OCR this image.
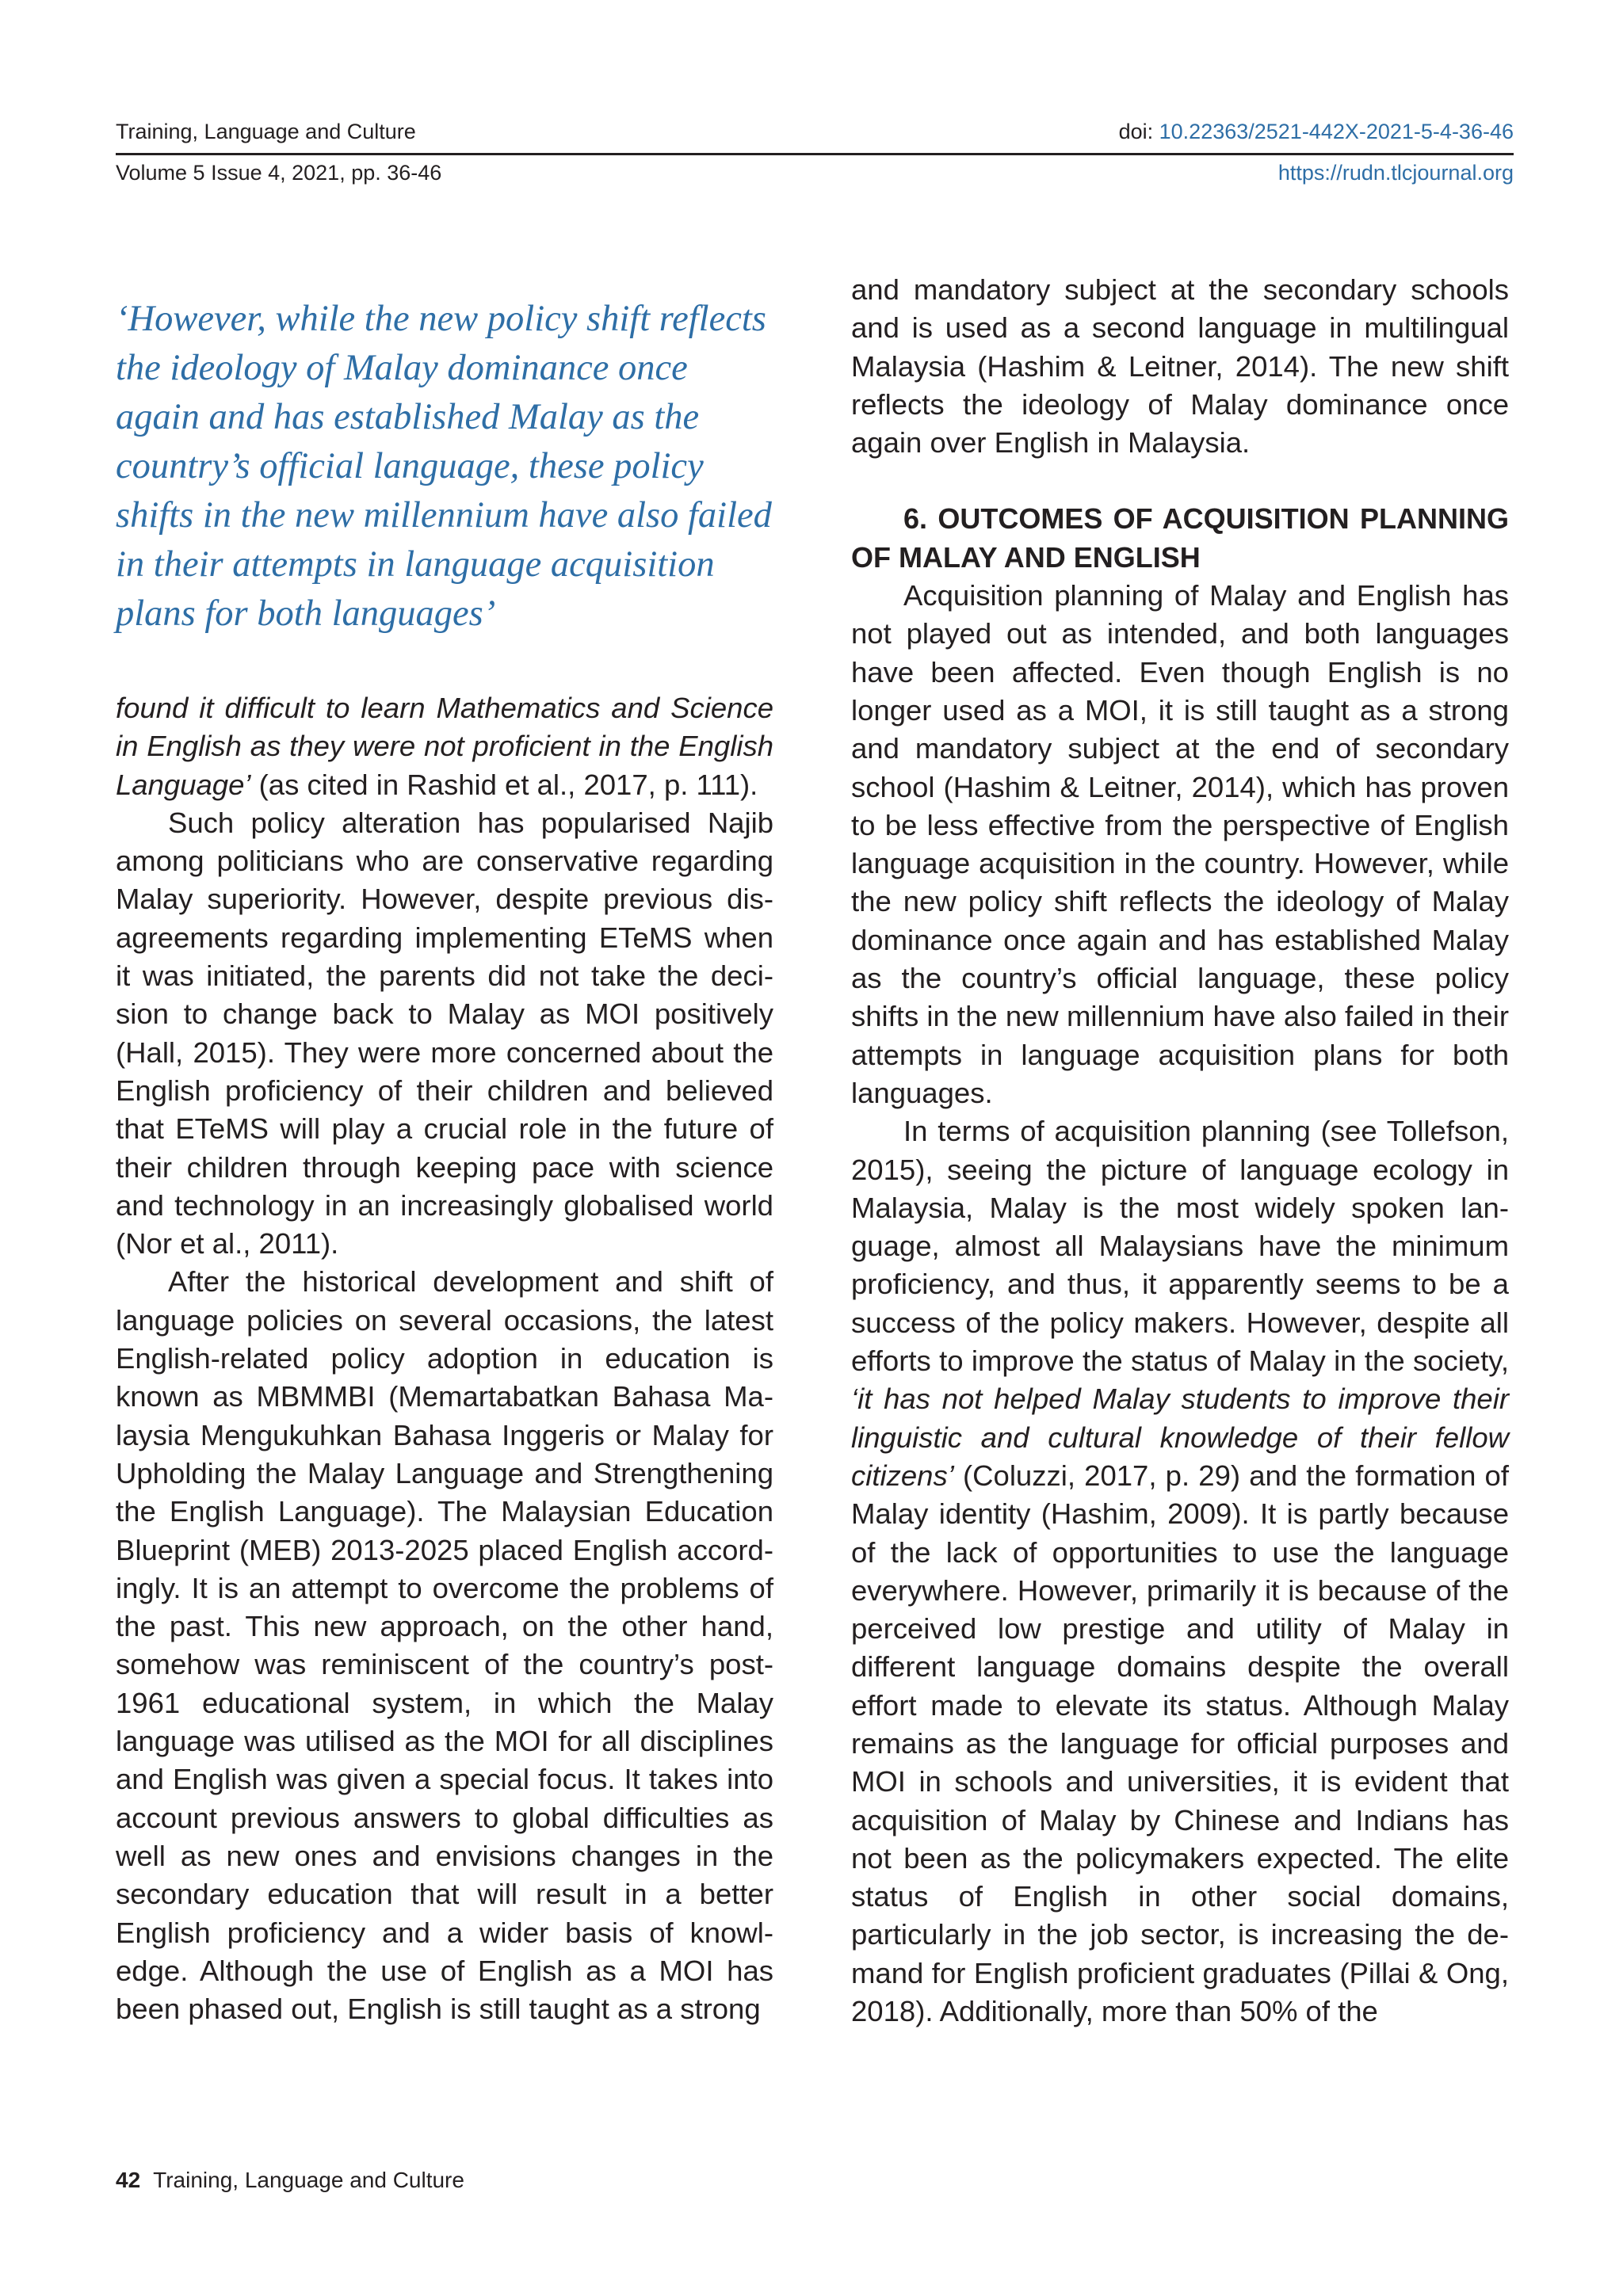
Training, Language and Culture	doi: 10.22363/2521-442X-2021-5-4-36-46
Volume 5 Issue 4, 2021, pp. 36-46	https://rudn.tlcjournal.org
‘However, while the new policy shift reflects the ideology of Malay dominance once again and has established Malay as the country’s official language, these policy shifts in the new millennium have also failed in their attempts in language acquisition plans for both languages’

found it difficult to learn Mathematics and Science in English as they were not proficient in the English Language’ (as cited in Rashid et al., 2017, p. 111).

Such policy alteration has popularised Najib among politicians who are conservative regarding Malay superiority. However, despite previous disagreements regarding implementing ETeMS when it was initiated, the parents did not take the decision to change back to Malay as MOI positively (Hall, 2015). They were more concerned about the English proficiency of their children and believed that ETeMS will play a crucial role in the future of their children through keeping pace with science and technology in an increasingly globalised world (Nor et al., 2011).

After the historical development and shift of language policies on several occasions, the latest English-related policy adoption in education is known as MBMMBI (Memartabatkan Bahasa Malaysia Mengukuhkan Bahasa Inggeris or Malay for Upholding the Malay Language and Strengthening the English Language). The Malaysian Education Blueprint (MEB) 2013-2025 placed English accordingly. It is an attempt to overcome the problems of the past. This new approach, on the other hand, somehow was reminiscent of the country’s post-1961 educational system, in which the Malay language was utilised as the MOI for all disciplines and English was given a special focus. It takes into account previous answers to global difficulties as well as new ones and envisions changes in the secondary education that will result in a better English proficiency and a wider basis of knowledge. Although the use of English as a MOI has been phased out, English is still taught as a strong

and mandatory subject at the secondary schools and is used as a second language in multilingual Malaysia (Hashim & Leitner, 2014). The new shift reflects the ideology of Malay dominance once again over English in Malaysia.

6. OUTCOMES OF ACQUISITION PLANNING OF MALAY AND ENGLISH

Acquisition planning of Malay and English has not played out as intended, and both languages have been affected. Even though English is no longer used as a MOI, it is still taught as a strong and mandatory subject at the end of secondary school (Hashim & Leitner, 2014), which has proven to be less effective from the perspective of English language acquisition in the country. However, while the new policy shift reflects the ideology of Malay dominance once again and has established Malay as the country’s official language, these policy shifts in the new millennium have also failed in their attempts in language acquisition plans for both languages.

In terms of acquisition planning (see Tollefson, 2015), seeing the picture of language ecology in Malaysia, Malay is the most widely spoken language, almost all Malaysians have the minimum proficiency, and thus, it apparently seems to be a success of the policy makers. However, despite all efforts to improve the status of Malay in the society, ‘it has not helped Malay students to improve their linguistic and cultural knowledge of their fellow citizens’ (Coluzzi, 2017, p. 29) and the formation of Malay identity (Hashim, 2009). It is partly because of the lack of opportunities to use the language everywhere. However, primarily it is because of the perceived low prestige and utility of Malay in different language domains despite the overall effort made to elevate its status. Although Malay remains as the language for official purposes and MOI in schools and universities, it is evident that acquisition of Malay by Chinese and Indians has not been as the policymakers expected. The elite status of English in other social domains, particularly in the job sector, is increasing the demand for English proficient graduates (Pillai & Ong, 2018). Additionally, more than 50% of the

42 Training, Language and Culture
